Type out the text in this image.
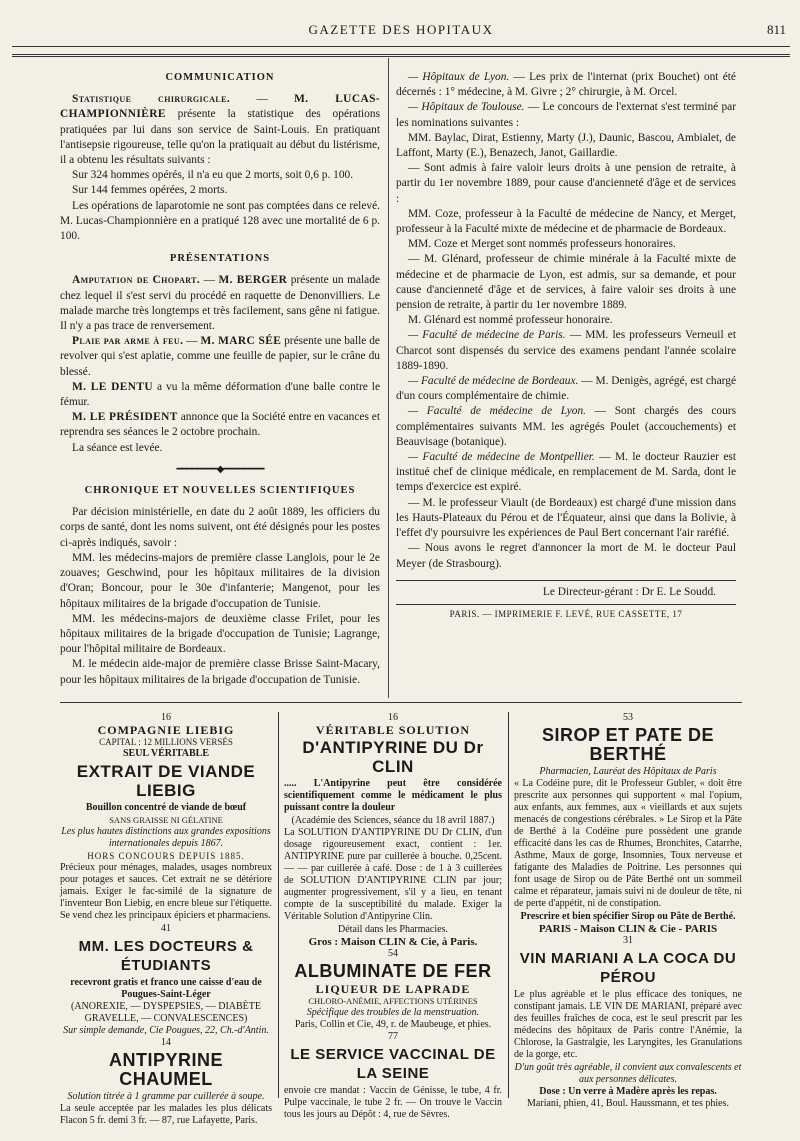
GAZETTE DES HOPITAUX	811

COMMUNICATION

Statistique chirurgicale. — M. LUCAS-CHAMPIONNIÈRE présente la statistique des opérations pratiquées par lui dans son service de Saint-Louis. En pratiquant l'antisepsie rigoureuse, telle qu'on la pratiquait au début du listérisme, il a obtenu les résultats suivants :

Sur 324 hommes opérés, il n'a eu que 2 morts, soit 0,6 p. 100.

Sur 144 femmes opérées, 2 morts.

Les opérations de laparotomie ne sont pas comptées dans ce relevé. M. Lucas-Championnière en a pratiqué 128 avec une mortalité de 6 p. 100.

PRÉSENTATIONS

Amputation de Chopart. — M. BERGER présente un malade chez lequel il s'est servi du procédé en raquette de Denonvilliers. Le malade marche très longtemps et très facilement, sans gêne ni fatigue. Il n'y a pas trace de renversement.

Plaie par arme à feu. — M. MARC SÉE présente une balle de revolver qui s'est aplatie, comme une feuille de papier, sur le crâne du blessé.

M. LE DENTU a vu la même déformation d'une balle contre le fémur.

M. LE PRÉSIDENT annonce que la Société entre en vacances et reprendra ses séances le 2 octobre prochain.

La séance est levée.

━━━━━━━━◆━━━━━━━━

CHRONIQUE ET NOUVELLES SCIENTIFIQUES

Par décision ministérielle, en date du 2 août 1889, les officiers du corps de santé, dont les noms suivent, ont été désignés pour les postes ci-après indiqués, savoir :

MM. les médecins-majors de première classe Langlois, pour le 2e zouaves; Geschwind, pour les hôpitaux militaires de la division d'Oran; Boncour, pour le 30e d'infanterie; Mangenot, pour les hôpitaux militaires de la brigade d'occupation de Tunisie.

MM. les médecins-majors de deuxième classe Frilet, pour les hôpitaux militaires de la brigade d'occupation de Tunisie; Lagrange, pour l'hôpital militaire de Bordeaux.

M. le médecin aide-major de première classe Brisse Saint-Macary, pour les hôpitaux militaires de la brigade d'occupation de Tunisie.

— Hôpitaux de Lyon. — Les prix de l'internat (prix Bouchet) ont été décernés : 1° médecine, à M. Givre ; 2° chirurgie, à M. Orcel.

— Hôpitaux de Toulouse. — Le concours de l'externat s'est terminé par les nominations suivantes :

MM. Baylac, Dirat, Estienny, Marty (J.), Daunic, Bascou, Ambialet, de Laffont, Marty (E.), Benazech, Janot, Gaillardie.

— Sont admis à faire valoir leurs droits à une pension de retraite, à partir du 1er novembre 1889, pour cause d'ancienneté d'âge et de services :

MM. Coze, professeur à la Faculté de médecine de Nancy, et Merget, professeur à la Faculté mixte de médecine et de pharmacie de Bordeaux.

MM. Coze et Merget sont nommés professeurs honoraires.

— M. Glénard, professeur de chimie minérale à la Faculté mixte de médecine et de pharmacie de Lyon, est admis, sur sa demande, et pour cause d'ancienneté d'âge et de services, à faire valoir ses droits à une pension de retraite, à partir du 1er novembre 1889.

M. Glénard est nommé professeur honoraire.

— Faculté de médecine de Paris. — MM. les professeurs Verneuil et Charcot sont dispensés du service des examens pendant l'année scolaire 1889-1890.

— Faculté de médecine de Bordeaux. — M. Denigès, agrégé, est chargé d'un cours complémentaire de chimie.

— Faculté de médecine de Lyon. — Sont chargés des cours complémentaires suivants MM. les agrégés Poulet (accouchements) et Beauvisage (botanique).

— Faculté de médecine de Montpellier. — M. le docteur Rauzier est institué chef de clinique médicale, en remplacement de M. Sarda, dont le temps d'exercice est expiré.

— M. le professeur Viault (de Bordeaux) est chargé d'une mission dans les Hauts-Plateaux du Pérou et de l'Équateur, ainsi que dans la Bolivie, à l'effet d'y poursuivre les expériences de Paul Bert concernant l'air raréfié.

— Nous avons le regret d'annoncer la mort de M. le docteur Paul Meyer (de Strasbourg).

Le Directeur-gérant : Dr E. Le Soudd.

PARIS. — IMPRIMERIE F. LEVÉ, RUE CASSETTE, 17

16
COMPAGNIE LIEBIG
CAPITAL : 12 MILLIONS VERSÉS
SEUL VÉRITABLE
EXTRAIT DE VIANDE LIEBIG
Bouillon concentré de viande de bœuf
SANS GRAISSE NI GÉLATINE
Les plus hautes distinctions aux grandes expositions internationales depuis 1867.
HORS CONCOURS DEPUIS 1885.

Précieux pour ménages, malades, usages nombreux pour potages et sauces. Cet extrait ne se détériore jamais. Exiger le fac-similé de la signature de l'inventeur Bon Liebig, en encre bleue sur l'étiquette. Se vend chez les principaux épiciers et pharmaciens.

41
MM. LES DOCTEURS & ÉTUDIANTS
recevront gratis et franco une caisse d'eau de Pougues-Saint-Léger
(ANOREXIE, — DYSPEPSIES, — DIABÈTE GRAVELLE, — CONVALESCENCES)
Sur simple demande, Cie Pougues, 22, Ch.-d'Antin.
14
ANTIPYRINE CHAUMEL
Solution titrée à 1 gramme par cuillerée à soupe.

La seule acceptée par les malades les plus délicats Flacon 5 fr. demi 3 fr. — 87, rue Lafayette, Paris.

16
VÉRITABLE SOLUTION
D'ANTIPYRINE DU Dr CLIN

..... L'Antipyrine peut être considérée scientifiquement comme le médicament le plus puissant contre la douleur

(Académie des Sciences, séance du 18 avril 1887.)

La SOLUTION D'ANTIPYRINE DU Dr CLIN, d'un dosage rigoureusement exact, contient : 1er. ANTIPYRINE pure par cuillerée à bouche. 0,25cent. — — par cuillerée à café. Dose : de 1 à 3 cuillerées de SOLUTION D'ANTIPYRINE CLIN par jour; augmenter progressivement, s'il y a lieu, en tenant compte de la susceptibilité du malade. Exiger la Véritable Solution d'Antipyrine Clin.

Détail dans les Pharmacies.
Gros : Maison CLIN & Cie, à Paris.
54
ALBUMINATE DE FER
LIQUEUR DE LAPRADE
CHLORO-ANÉMIE, AFFECTIONS UTÉRINES
Spécifique des troubles de la menstruation.
Paris, Collin et Cie, 49, r. de Maubeuge, et phies.
77
LE SERVICE VACCINAL DE LA SEINE

envoie cre mandat : Vaccin de Génisse, le tube, 4 fr. Pulpe vaccinale, le tube 2 fr. — On trouve le Vaccin tous les jours au Dépôt : 4, rue de Sèvres.

53
SIROP ET PATE DE BERTHÉ
Pharmacien, Lauréat des Hôpitaux de Paris

« La Codéine pure, dit le Professeur Gubler, « doit être prescrite aux personnes qui supportent « mal l'opium, aux enfants, aux femmes, aux « vieillards et aux sujets menacés de congestions cérébrales. » Le Sirop et la Pâte de Berthé à la Codéine pure possèdent une grande efficacité dans les cas de Rhumes, Bronchites, Catarrhe, Asthme, Maux de gorge, Insomnies, Toux nerveuse et fatigante des Maladies de Poitrine. Les personnes qui font usage de Sirop ou de Pâte Berthé ont un sommeil calme et réparateur, jamais suivi ni de douleur de tête, ni de perte d'appétit, ni de constipation.

Prescrire et bien spécifier Sirop ou Pâte de Berthé.
PARIS - Maison CLIN & Cie - PARIS
31
VIN MARIANI A LA COCA DU PÉROU

Le plus agréable et le plus efficace des toniques, ne constipant jamais. LE VIN DE MARIANI, préparé avec des feuilles fraîches de coca, est le seul prescrit par les médecins des hôpitaux de Paris contre l'Anémie, la Chlorose, la Gastralgie, les Laryngites, les Granulations de la gorge, etc.

D'un goût très agréable, il convient aux convalescents et aux personnes délicates.
Dose : Un verre à Madère après les repas.
Mariani, phien, 41, Boul. Haussmann, et tes phies.
